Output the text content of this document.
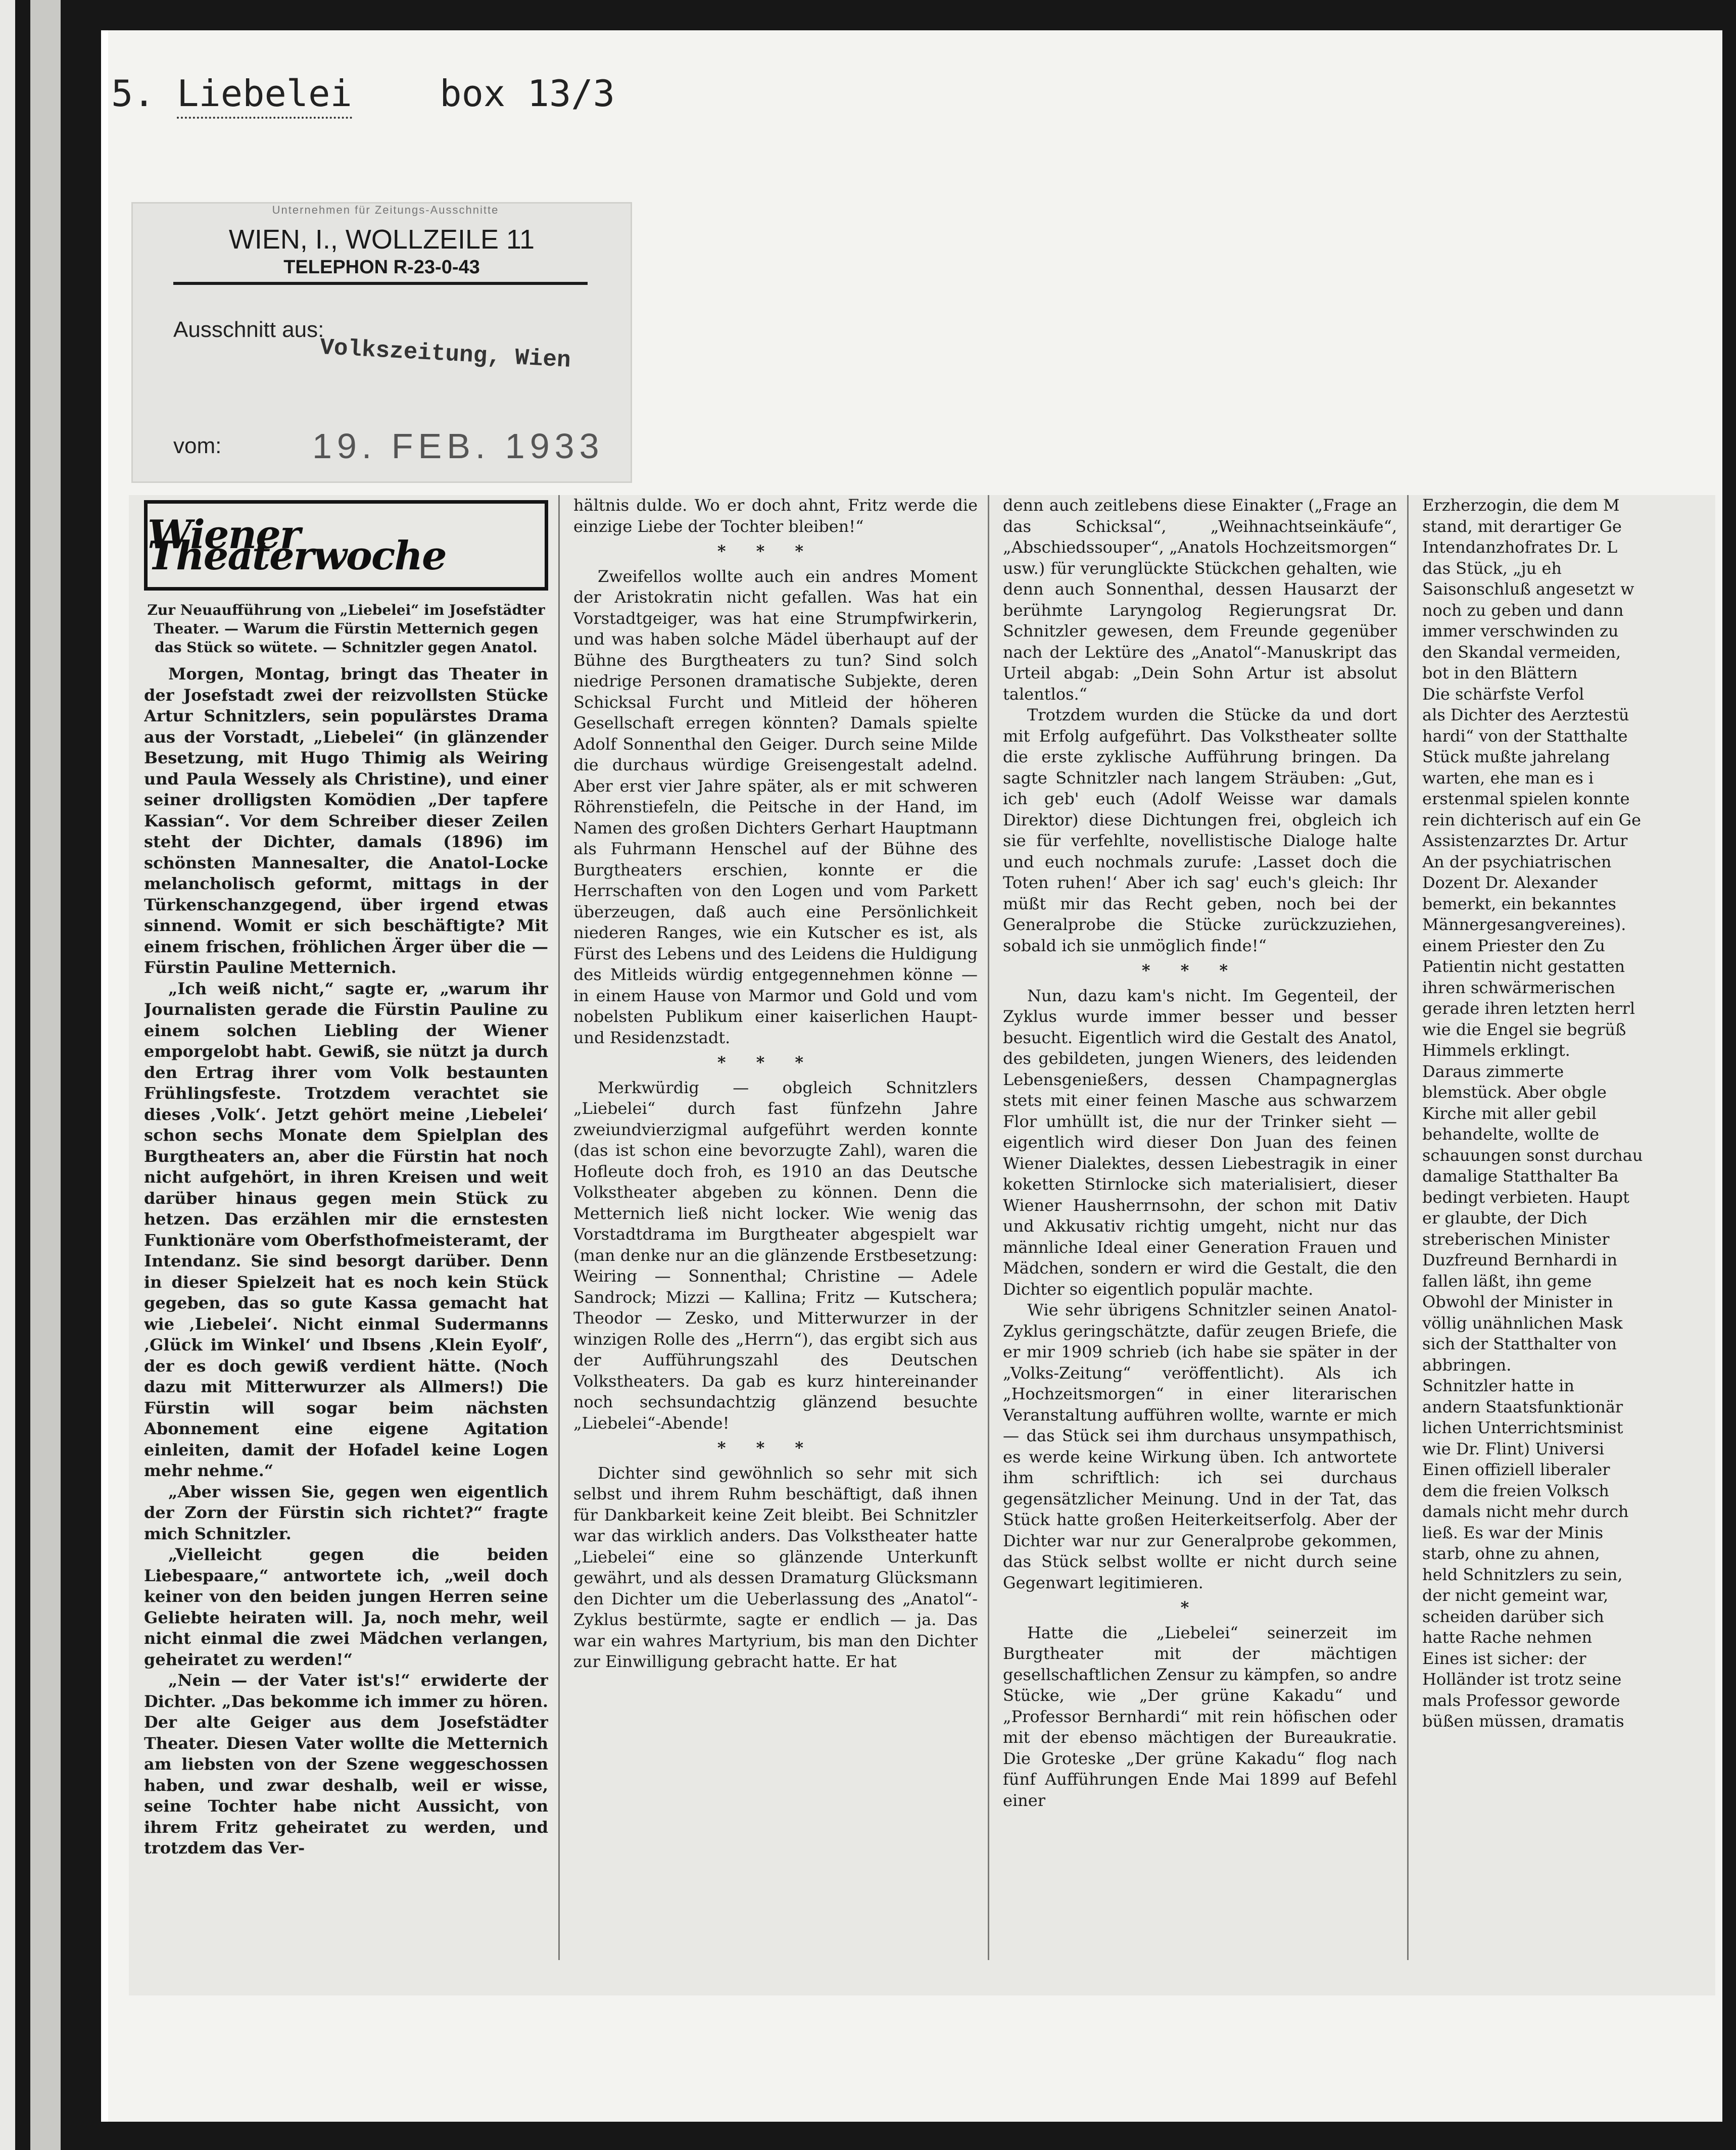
5. Liebelei box 13/3
Unternehmen für Zeitungs-Ausschnitte
WIEN, I., WOLLZEILE 11
TELEPHON R-23-0-43
Ausschnitt aus:
Volkszeitung, Wien
vom:	19. FEB. 1933
Wiener Theaterwoche
Zur Neuaufführung von „Liebelei“ im Josefstädter Theater. — Warum die Fürstin Metternich gegen das Stück so wütete. — Schnitzler gegen Anatol.

Morgen, Montag, bringt das Theater in der Josefstadt zwei der reizvollsten Stücke Artur Schnitzlers, sein populärstes Drama aus der Vorstadt, „Liebelei“ (in glänzender Besetzung, mit Hugo Thimig als Weiring und Paula Wessely als Christine), und einer seiner drolligsten Komödien „Der tapfere Kassian“. Vor dem Schreiber dieser Zeilen steht der Dichter, damals (1896) im schönsten Mannesalter, die Anatol-Locke melancholisch geformt, mittags in der Türkenschanzgegend, über irgend etwas sinnend. Womit er sich beschäftigte? Mit einem frischen, fröhlichen Ärger über die — Fürstin Pauline Metternich.

„Ich weiß nicht,“ sagte er, „warum ihr Journalisten gerade die Fürstin Pauline zu einem solchen Liebling der Wiener emporgelobt habt. Gewiß, sie nützt ja durch den Ertrag ihrer vom Volk bestaunten Frühlingsfeste. Trotzdem verachtet sie dieses ‚Volk‘. Jetzt gehört meine ‚Liebelei‘ schon sechs Monate dem Spielplan des Burgtheaters an, aber die Fürstin hat noch nicht aufgehört, in ihren Kreisen und weit darüber hinaus gegen mein Stück zu hetzen. Das erzählen mir die ernstesten Funktionäre vom Oberfsthofmeisteramt, der Intendanz. Sie sind besorgt darüber. Denn in dieser Spielzeit hat es noch kein Stück gegeben, das so gute Kassa gemacht hat wie ‚Liebelei‘. Nicht einmal Sudermanns ‚Glück im Winkel‘ und Ibsens ‚Klein Eyolf‘, der es doch gewiß verdient hätte. (Noch dazu mit Mitterwurzer als Allmers!) Die Fürstin will sogar beim nächsten Abonnement eine eigene Agitation einleiten, damit der Hofadel keine Logen mehr nehme.“

„Aber wissen Sie, gegen wen eigentlich der Zorn der Fürstin sich richtet?“ fragte mich Schnitzler.

„Vielleicht gegen die beiden Liebespaare,“ antwortete ich, „weil doch keiner von den beiden jungen Herren seine Geliebte heiraten will. Ja, noch mehr, weil nicht einmal die zwei Mädchen verlangen, geheiratet zu werden!“

„Nein — der Vater ist's!“ erwiderte der Dichter. „Das bekomme ich immer zu hören. Der alte Geiger aus dem Josefstädter Theater. Diesen Vater wollte die Metternich am liebsten von der Szene weggeschossen haben, und zwar deshalb, weil er wisse, seine Tochter habe nicht Aussicht, von ihrem Fritz geheiratet zu werden, und trotzdem das Ver-

hältnis dulde. Wo er doch ahnt, Fritz werde die einzige Liebe der Tochter bleiben!“

***

Zweifellos wollte auch ein andres Moment der Aristokratin nicht gefallen. Was hat ein Vorstadtgeiger, was hat eine Strumpfwirkerin, und was haben solche Mädel überhaupt auf der Bühne des Burgtheaters zu tun? Sind solch niedrige Personen dramatische Subjekte, deren Schicksal Furcht und Mitleid der höheren Gesellschaft erregen könnten? Damals spielte Adolf Sonnenthal den Geiger. Durch seine Milde die durchaus würdige Greisengestalt adelnd. Aber erst vier Jahre später, als er mit schweren Röhrenstiefeln, die Peitsche in der Hand, im Namen des großen Dichters Gerhart Hauptmann als Fuhrmann Henschel auf der Bühne des Burgtheaters erschien, konnte er die Herrschaften von den Logen und vom Parkett überzeugen, daß auch eine Persönlichkeit niederen Ranges, wie ein Kutscher es ist, als Fürst des Lebens und des Leidens die Huldigung des Mitleids würdig entgegennehmen könne — in einem Hause von Marmor und Gold und vom nobelsten Publikum einer kaiserlichen Haupt- und Residenzstadt.

***

Merkwürdig — obgleich Schnitzlers „Liebelei“ durch fast fünfzehn Jahre zweiundvierzigmal aufgeführt werden konnte (das ist schon eine bevorzugte Zahl), waren die Hofleute doch froh, es 1910 an das Deutsche Volkstheater abgeben zu können. Denn die Metternich ließ nicht locker. Wie wenig das Vorstadtdrama im Burgtheater abgespielt war (man denke nur an die glänzende Erstbesetzung: Weiring — Sonnenthal; Christine — Adele Sandrock; Mizzi — Kallina; Fritz — Kutschera; Theodor — Zesko, und Mitterwurzer in der winzigen Rolle des „Herrn“), das ergibt sich aus der Aufführungszahl des Deutschen Volkstheaters. Da gab es kurz hintereinander noch sechsundachtzig glänzend besuchte „Liebelei“-Abende!

***

Dichter sind gewöhnlich so sehr mit sich selbst und ihrem Ruhm beschäftigt, daß ihnen für Dankbarkeit keine Zeit bleibt. Bei Schnitzler war das wirklich anders. Das Volkstheater hatte „Liebelei“ eine so glänzende Unterkunft gewährt, und als dessen Dramaturg Glücksmann den Dichter um die Ueberlassung des „Anatol“-Zyklus bestürmte, sagte er endlich — ja. Das war ein wahres Martyrium, bis man den Dichter zur Einwilligung gebracht hatte. Er hat

denn auch zeitlebens diese Einakter („Frage an das Schicksal“, „Weihnachtseinkäufe“, „Abschiedssouper“, „Anatols Hochzeitsmorgen“ usw.) für verunglückte Stückchen gehalten, wie denn auch Sonnenthal, dessen Hausarzt der berühmte Laryngolog Regierungsrat Dr. Schnitzler gewesen, dem Freunde gegenüber nach der Lektüre des „Anatol“-Manuskript das Urteil abgab: „Dein Sohn Artur ist absolut talentlos.“

Trotzdem wurden die Stücke da und dort mit Erfolg aufgeführt. Das Volkstheater sollte die erste zyklische Aufführung bringen. Da sagte Schnitzler nach langem Sträuben: „Gut, ich geb' euch (Adolf Weisse war damals Direktor) diese Dichtungen frei, obgleich ich sie für verfehlte, novellistische Dialoge halte und euch nochmals zurufe: ‚Lasset doch die Toten ruhen!‘ Aber ich sag' euch's gleich: Ihr müßt mir das Recht geben, noch bei der Generalprobe die Stücke zurückzuziehen, sobald ich sie unmöglich finde!“

***

Nun, dazu kam's nicht. Im Gegenteil, der Zyklus wurde immer besser und besser besucht. Eigentlich wird die Gestalt des Anatol, des gebildeten, jungen Wieners, des leidenden Lebensgenießers, dessen Champagnerglas stets mit einer feinen Masche aus schwarzem Flor umhüllt ist, die nur der Trinker sieht — eigentlich wird dieser Don Juan des feinen Wiener Dialektes, dessen Liebestragik in einer koketten Stirnlocke sich materialisiert, dieser Wiener Hausherrnsohn, der schon mit Dativ und Akkusativ richtig umgeht, nicht nur das männliche Ideal einer Generation Frauen und Mädchen, sondern er wird die Gestalt, die den Dichter so eigentlich populär machte.

Wie sehr übrigens Schnitzler seinen Anatol-Zyklus geringschätzte, dafür zeugen Briefe, die er mir 1909 schrieb (ich habe sie später in der „Volks-Zeitung“ veröffentlicht). Als ich „Hochzeitsmorgen“ in einer literarischen Veranstaltung aufführen wollte, warnte er mich — das Stück sei ihm durchaus unsympathisch, es werde keine Wirkung üben. Ich antwortete ihm schriftlich: ich sei durchaus gegensätzlicher Meinung. Und in der Tat, das Stück hatte großen Heiterkeitserfolg. Aber der Dichter war nur zur Generalprobe gekommen, das Stück selbst wollte er nicht durch seine Gegenwart legitimieren.

*

Hatte die „Liebelei“ seinerzeit im Burgtheater mit der mächtigen gesellschaftlichen Zensur zu kämpfen, so andre Stücke, wie „Der grüne Kakadu“ und „Professor Bernhardi“ mit rein höfischen oder mit der ebenso mächtigen der Bureaukratie. Die Groteske „Der grüne Kakadu“ flog nach fünf Aufführungen Ende Mai 1899 auf Befehl einer

Erzherzogin, die dem M
stand, mit derartiger Ge
Intendanzhofrates Dr. L
das Stück, „ju eh
Saisonschluß angesetzt w
noch zu geben und dann
immer verschwinden zu
den Skandal vermeiden,
bot in den Blättern
Die schärfste Verfol
als Dichter des Aerztestü
hardi“ von der Statthalte
Stück mußte jahrelang
warten, ehe man es i
erstenmal spielen konnte
rein dichterisch auf ein Ge
Assistenzarztes Dr. Artur
An der psychiatrischen
Dozent Dr. Alexander
bemerkt, ein bekanntes
Männergesangvereines).
einem Priester den Zu
Patientin nicht gestatten
ihren schwärmerischen
gerade ihren letzten herrl
wie die Engel sie begrüß
Himmels erklingt.
Daraus zimmerte
blemstück. Aber obgle
Kirche mit aller gebil
behandelte, wollte de
schauungen sonst durchau
damalige Statthalter Ba
bedingt verbieten. Haupt
er glaubte, der Dich
streberischen Minister
Duzfreund Bernhardi in
fallen läßt, ihn geme
Obwohl der Minister in
völlig unähnlichen Mask
sich der Statthalter von
abbringen.
Schnitzler hatte in
andern Staatsfunktionär
lichen Unterrichtsminist
wie Dr. Flint) Universi
Einen offiziell liberaler
dem die freien Volksch
damals nicht mehr durch
ließ. Es war der Minis
starb, ohne zu ahnen,
held Schnitzlers zu sein,
der nicht gemeint war,
scheiden darüber sich
hatte Rache nehmen
Eines ist sicher: der
Holländer ist trotz seine
mals Professor geworde
büßen müssen, dramatis
